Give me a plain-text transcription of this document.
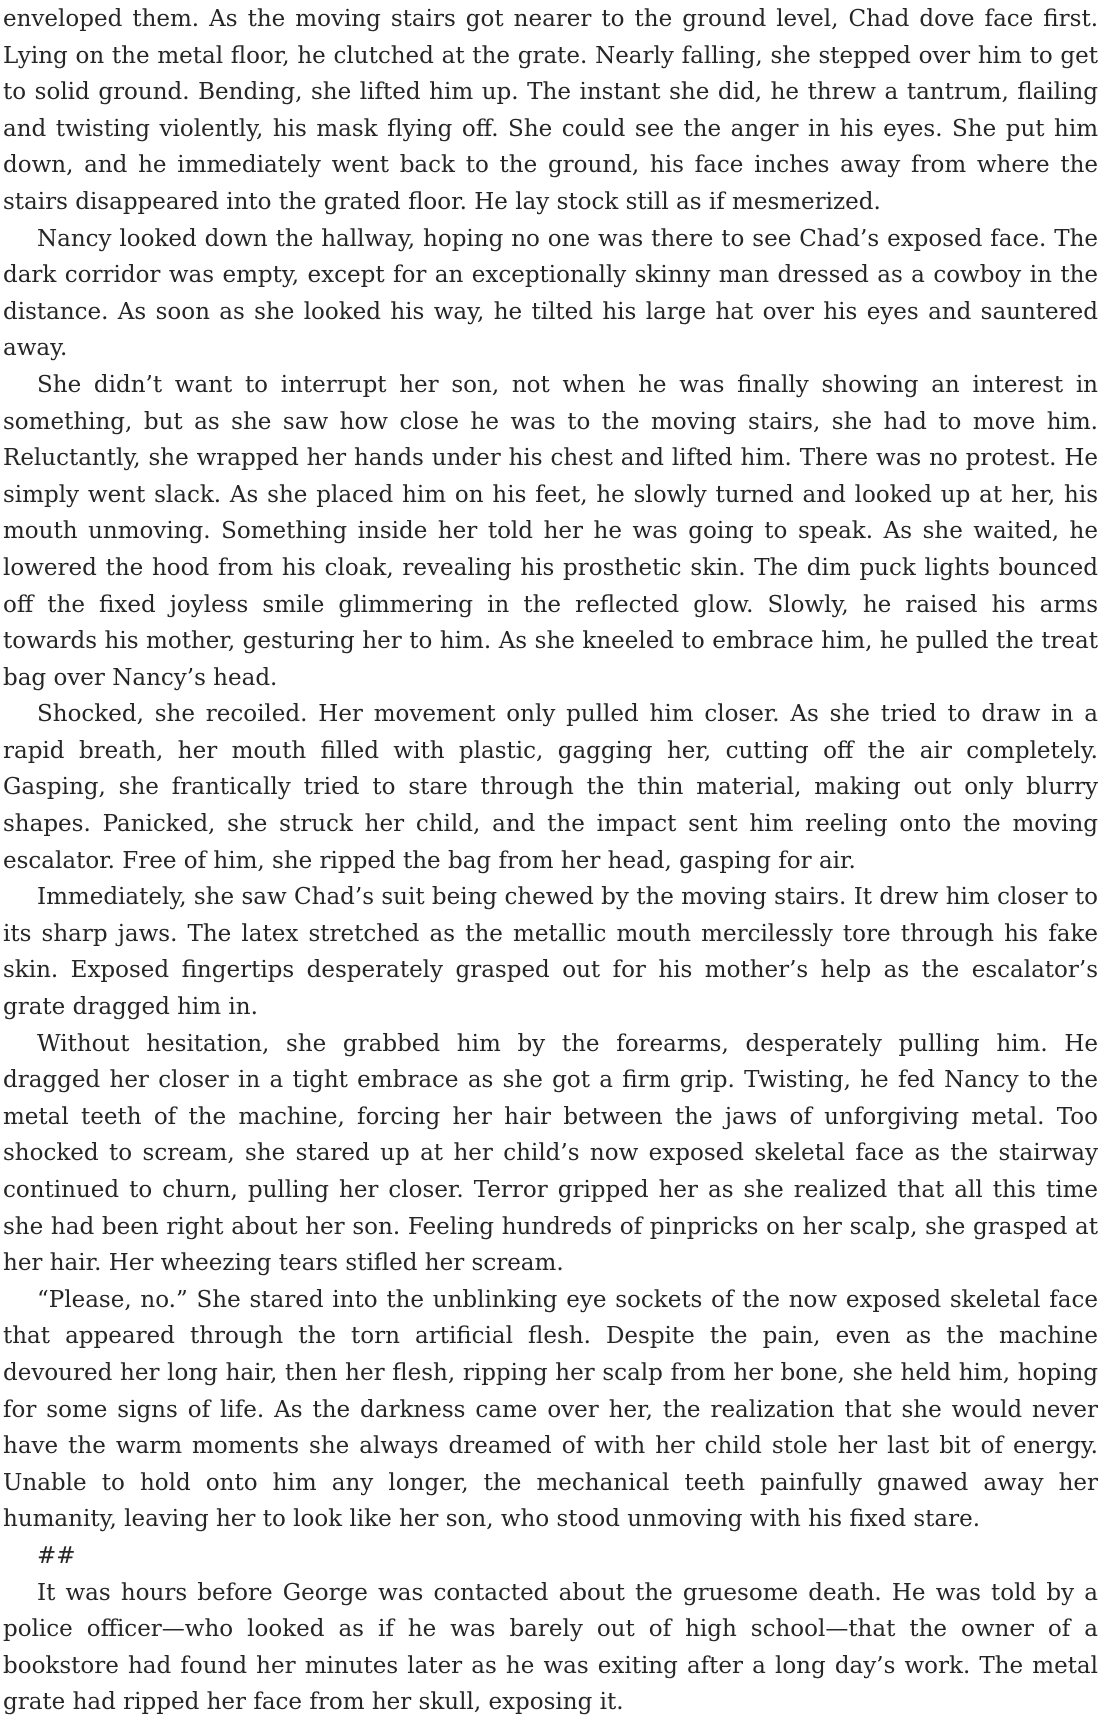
enveloped them. As the moving stairs got nearer to the ground level, Chad dove face first. Lying on the metal floor, he clutched at the grate. Nearly falling, she stepped over him to get to solid ground. Bending, she lifted him up. The instant she did, he threw a tantrum, flailing and twisting violently, his mask flying off. She could see the anger in his eyes. She put him down, and he immediately went back to the ground, his face inches away from where the stairs disappeared into the grated floor. He lay stock still as if mesmerized.

Nancy looked down the hallway, hoping no one was there to see Chad’s exposed face. The dark corridor was empty, except for an exceptionally skinny man dressed as a cowboy in the distance. As soon as she looked his way, he tilted his large hat over his eyes and sauntered away.

She didn’t want to interrupt her son, not when he was finally showing an interest in something, but as she saw how close he was to the moving stairs, she had to move him. Reluctantly, she wrapped her hands under his chest and lifted him. There was no protest. He simply went slack. As she placed him on his feet, he slowly turned and looked up at her, his mouth unmoving. Something inside her told her he was going to speak. As she waited, he lowered the hood from his cloak, revealing his prosthetic skin. The dim puck lights bounced off the fixed joyless smile glimmering in the reflected glow. Slowly, he raised his arms towards his mother, gesturing her to him. As she kneeled to embrace him, he pulled the treat bag over Nancy’s head.

Shocked, she recoiled. Her movement only pulled him closer. As she tried to draw in a rapid breath, her mouth filled with plastic, gagging her, cutting off the air completely. Gasping, she frantically tried to stare through the thin material, making out only blurry shapes. Panicked, she struck her child, and the impact sent him reeling onto the moving escalator. Free of him, she ripped the bag from her head, gasping for air.

Immediately, she saw Chad’s suit being chewed by the moving stairs. It drew him closer to its sharp jaws. The latex stretched as the metallic mouth mercilessly tore through his fake skin. Exposed fingertips desperately grasped out for his mother’s help as the escalator’s grate dragged him in.

Without hesitation, she grabbed him by the forearms, desperately pulling him. He dragged her closer in a tight embrace as she got a firm grip. Twisting, he fed Nancy to the metal teeth of the machine, forcing her hair between the jaws of unforgiving metal. Too shocked to scream, she stared up at her child’s now exposed skeletal face as the stairway continued to churn, pulling her closer. Terror gripped her as she realized that all this time she had been right about her son. Feeling hundreds of pinpricks on her scalp, she grasped at her hair. Her wheezing tears stifled her scream.

“Please, no.” She stared into the unblinking eye sockets of the now exposed skeletal face that appeared through the torn artificial flesh. Despite the pain, even as the machine devoured her long hair, then her flesh, ripping her scalp from her bone, she held him, hoping for some signs of life. As the darkness came over her, the realization that she would never have the warm moments she always dreamed of with her child stole her last bit of energy. Unable to hold onto him any longer, the mechanical teeth painfully gnawed away her humanity, leaving her to look like her son, who stood unmoving with his fixed stare.

##

It was hours before George was contacted about the gruesome death. He was told by a police officer—who looked as if he was barely out of high school—that the owner of a bookstore had found her minutes later as he was exiting after a long day’s work. The metal grate had ripped her face from her skull, exposing it.
